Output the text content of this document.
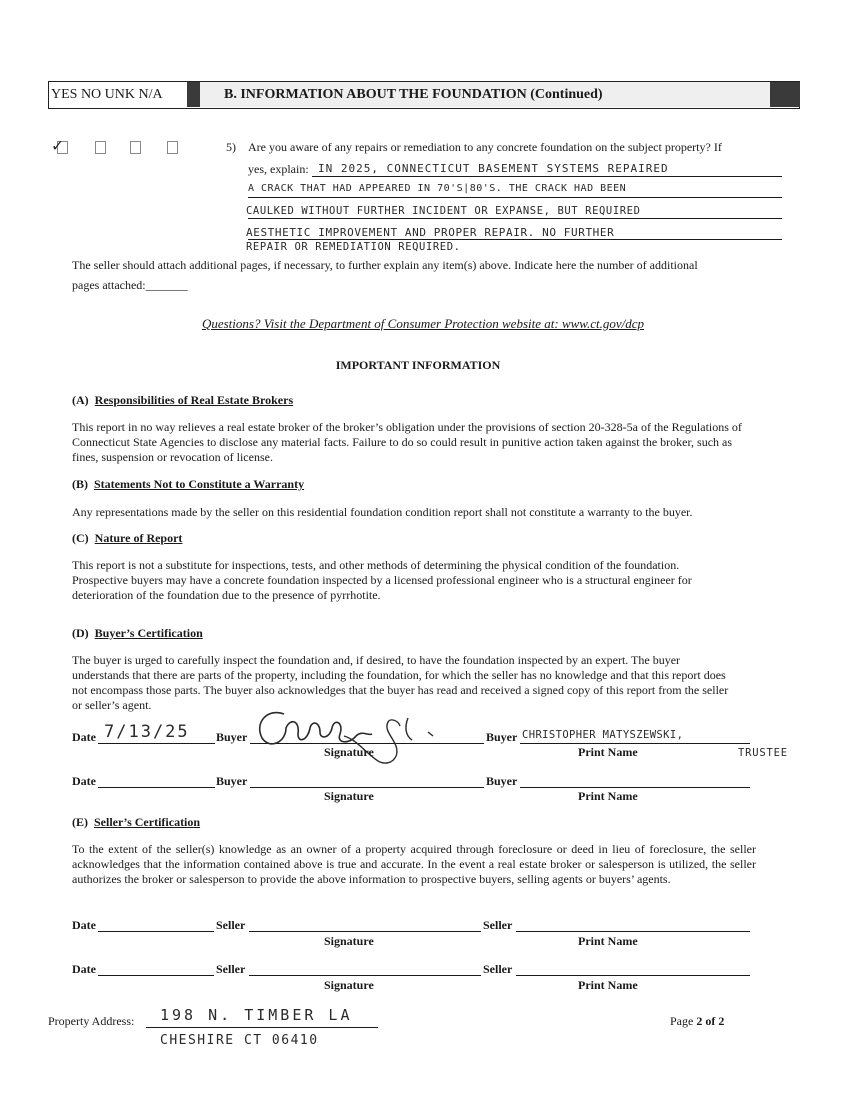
YES NO UNK N/A	B. INFORMATION ABOUT THE FOUNDATION (Continued)
✓	5) Are you aware of any repairs or remediation to any concrete foundation on the subject property? If
yes, explain: IN 2025, CONNECTICUT BASEMENT SYSTEMS REPAIRED
A CRACK THAT HAD APPEARED IN 70'S|80'S. THE CRACK HAD BEEN
CAULKED WITHOUT FURTHER INCIDENT OR EXPANSE, BUT REQUIRED
AESTHETIC IMPROVEMENT AND PROPER REPAIR. NO FURTHER
REPAIR OR REMEDIATION REQUIRED.
The seller should attach additional pages, if necessary, to further explain any item(s) above. Indicate here the number of additional
pages attached:_______
Questions? Visit the Department of Consumer Protection website at: www.ct.gov/dcp
IMPORTANT INFORMATION
(A) Responsibilities of Real Estate Brokers

This report in no way relieves a real estate broker of the broker’s obligation under the provisions of section 20-328-5a of the Regulations of Connecticut State Agencies to disclose any material facts. Failure to do so could result in punitive action taken against the broker, such as fines, suspension or revocation of license.

(B) Statements Not to Constitute a Warranty
Any representations made by the seller on this residential foundation condition report shall not constitute a warranty to the buyer.
(C) Nature of Report

This report is not a substitute for inspections, tests, and other methods of determining the physical condition of the foundation. Prospective buyers may have a concrete foundation inspected by a licensed professional engineer who is a structural engineer for deterioration of the foundation due to the presence of pyrrhotite.

(D) Buyer’s Certification

The buyer is urged to carefully inspect the foundation and, if desired, to have the foundation inspected by an expert. The buyer understands that there are parts of the property, including the foundation, for which the seller has no knowledge and that this report does not encompass those parts. The buyer also acknowledges that the buyer has read and received a signed copy of this report from the seller or seller’s agent.

Date 7/13/25 Buyer	Buyer CHRISTOPHER MATYSZEWSKI,
TRUSTEE
Signature	Print Name
Date	Buyer	Buyer
Signature	Print Name
(E) Seller’s Certification

To the extent of the seller(s) knowledge as an owner of a property acquired through foreclosure or deed in lieu of foreclosure, the seller acknowledges that the information contained above is true and accurate. In the event a real estate broker or salesperson is utilized, the seller authorizes the broker or salesperson to provide the above information to prospective buyers, selling agents or buyers’ agents.

Date	Seller	Seller
Signature	Print Name
Date	Seller	Seller
Signature	Print Name
Property Address: 198 N. TIMBER LA
CHESHIRE CT 06410
Page 2 of 2
